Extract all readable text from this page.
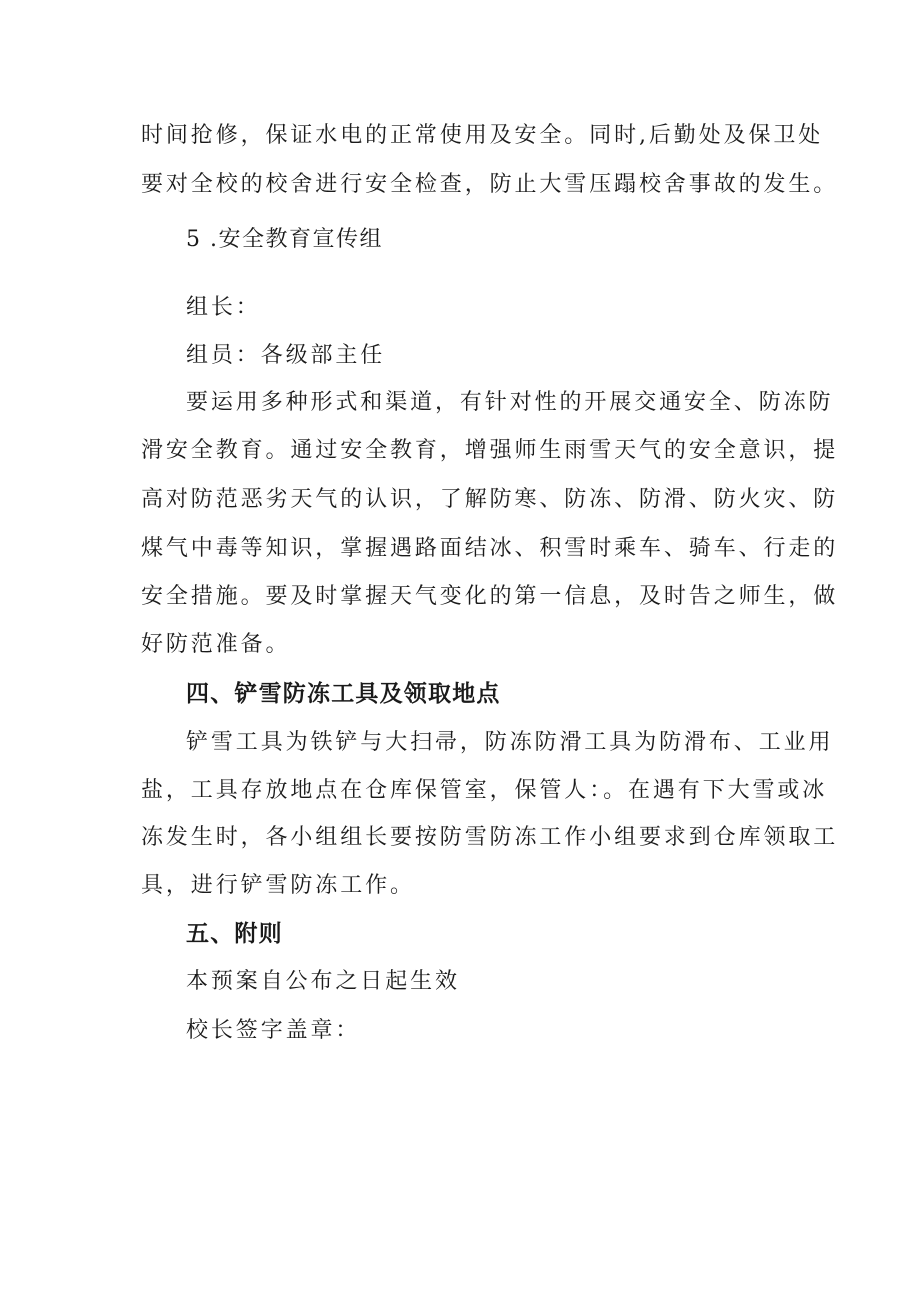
时间抢修，保证水电的正常使用及安全。同时,后勤处及保卫处
要对全校的校舍进行安全检查，防止大雪压蹋校舍事故的发生。
5 .安全教育宣传组
组长：
组员：各级部主任
要运用多种形式和渠道，有针对性的开展交通安全、防冻防
滑安全教育。通过安全教育，增强师生雨雪天气的安全意识，提
高对防范恶劣天气的认识，了解防寒、防冻、防滑、防火灾、防
煤气中毒等知识，掌握遇路面结冰、积雪时乘车、骑车、行走的
安全措施。要及时掌握天气变化的第一信息，及时告之师生，做
好防范准备。
四、铲雪防冻工具及领取地点
铲雪工具为铁铲与大扫帚，防冻防滑工具为防滑布、工业用
盐，工具存放地点在仓库保管室，保管人：。在遇有下大雪或冰
冻发生时，各小组组长要按防雪防冻工作小组要求到仓库领取工
具，进行铲雪防冻工作。
五、附则
本预案自公布之日起生效
校长签字盖章：
